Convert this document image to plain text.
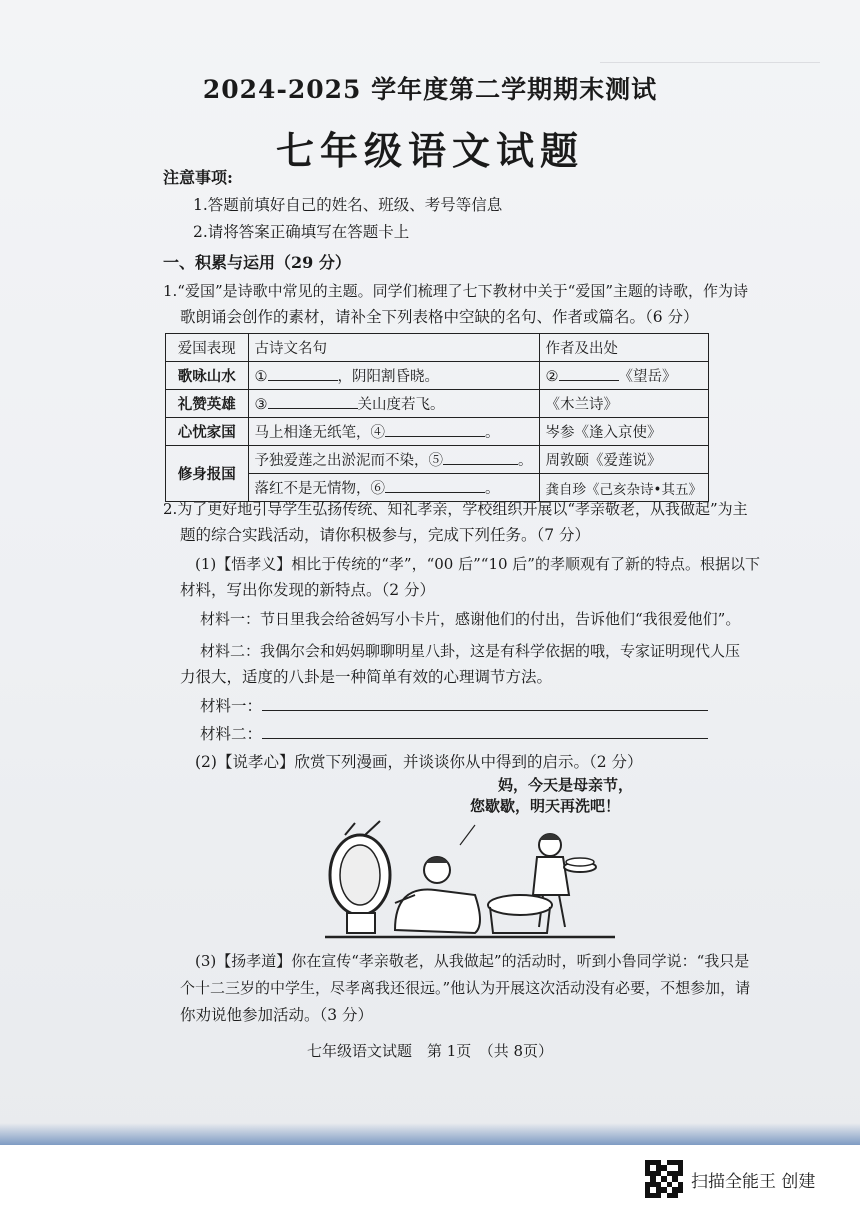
2024-2025 学年度第二学期期末测试
七年级语文试题
注意事项:
1.答题前填好自己的姓名、班级、考号等信息
2.请将答案正确填写在答题卡上
一、积累与运用（29 分）
1.“爱国”是诗歌中常见的主题。同学们梳理了七下教材中关于“爱国”主题的诗歌，作为诗
歌朗诵会创作的素材，请补全下列表格中空缺的名句、作者或篇名。（6 分）
爱国表现	古诗文名句	作者及出处
歌咏山水	① ，阴阳割昏晓。	② 《望岳》
礼赞英雄	③ 关山度若飞。	《木兰诗》
心忧家国	马上相逢无纸笔，④ 。	岑参《逢入京使》
修身报国	予独爱莲之出淤泥而不染，⑤ 。	周敦颐《爱莲说》
	落红不是无情物，⑥ 。	龚自珍《己亥杂诗•其五》
2.为了更好地引导学生弘扬传统、知礼孝亲，学校组织开展以“孝亲敬老，从我做起”为主
题的综合实践活动，请你积极参与，完成下列任务。（7 分）
(1)【悟孝义】相比于传统的“孝”，“00 后”“10 后”的孝顺观有了新的特点。根据以下
材料，写出你发现的新特点。（2 分）
材料一：节日里我会给爸妈写小卡片，感谢他们的付出，告诉他们“我很爱他们”。
材料二：我偶尔会和妈妈聊聊明星八卦，这是有科学依据的哦，专家证明现代人压
力很大，适度的八卦是一种简单有效的心理调节方法。
材料一：
材料二：
(2)【说孝心】欣赏下列漫画，并谈谈你从中得到的启示。（2 分）
妈，今天是母亲节，
您歇歇，明天再洗吧！
(3)【扬孝道】你在宣传“孝亲敬老，从我做起”的活动时，听到小鲁同学说：“我只是
个十二三岁的中学生，尽孝离我还很远。”他认为开展这次活动没有必要，不想参加，请
你劝说他参加活动。（3 分）
七年级语文试题　第 1页　（共 8页）
扫描全能王 创建
